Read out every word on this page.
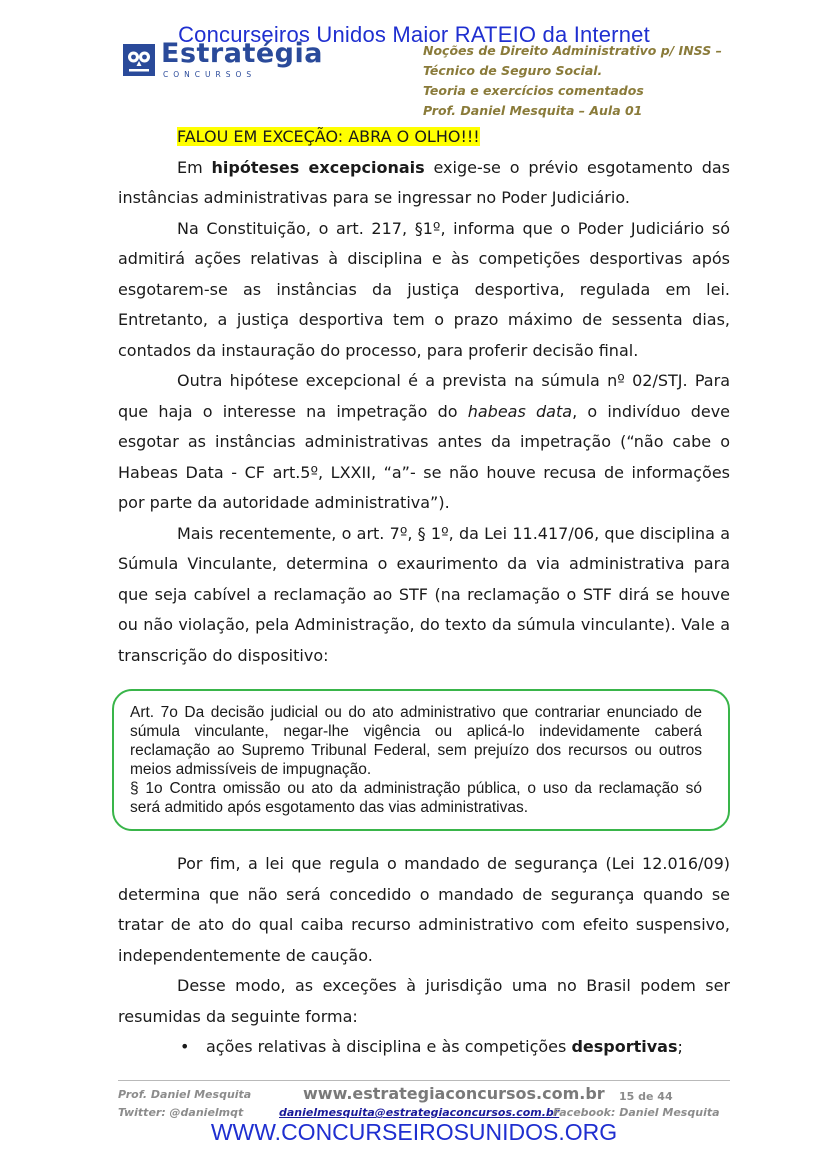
Concurseiros Unidos Maior RATEIO da Internet
Estratégia
CONCURSOS
Noções de Direito Administrativo p/ INSS –
Técnico de Seguro Social.
Teoria e exercícios comentados
Prof. Daniel Mesquita – Aula 01

FALOU EM EXCEÇÃO: ABRA O OLHO!!!

Em hipóteses excepcionais exige-se o prévio esgotamento das instâncias administrativas para se ingressar no Poder Judiciário.

Na Constituição, o art. 217, §1º, informa que o Poder Judiciário só admitirá ações relativas à disciplina e às competições desportivas após esgotarem-se as instâncias da justiça desportiva, regulada em lei. Entretanto, a justiça desportiva tem o prazo máximo de sessenta dias, contados da instauração do processo, para proferir decisão final.

Outra hipótese excepcional é a prevista na súmula nº 02/STJ. Para que haja o interesse na impetração do habeas data, o indivíduo deve esgotar as instâncias administrativas antes da impetração (“não cabe o Habeas Data - CF art.5º, LXXII, “a”- se não houve recusa de informações por parte da autoridade administrativa”).

Mais recentemente, o art. 7º, § 1º, da Lei 11.417/06, que disciplina a Súmula Vinculante, determina o exaurimento da via administrativa para que seja cabível a reclamação ao STF (na reclamação o STF dirá se houve ou não violação, pela Administração, do texto da súmula vinculante). Vale a transcrição do dispositivo:

Art. 7o Da decisão judicial ou do ato administrativo que contrariar enunciado de súmula vinculante, negar-lhe vigência ou aplicá-lo indevidamente caberá reclamação ao Supremo Tribunal Federal, sem prejuízo dos recursos ou outros meios admissíveis de impugnação.

§ 1o Contra omissão ou ato da administração pública, o uso da reclamação só será admitido após esgotamento das vias administrativas.

Por fim, a lei que regula o mandado de segurança (Lei 12.016/09) determina que não será concedido o mandado de segurança quando se tratar de ato do qual caiba recurso administrativo com efeito suspensivo, independentemente de caução.

Desse modo, as exceções à jurisdição uma no Brasil podem ser resumidas da seguinte forma:

• ações relativas à disciplina e às competições desportivas;
Prof. Daniel Mesquita	www.estrategiaconcursos.com.br 15 de 44
Twitter: @danielmqt	danielmesquita@estrategiaconcursos.com.br
Facebook: Daniel Mesquita
WWW.CONCURSEIROSUNIDOS.ORG
